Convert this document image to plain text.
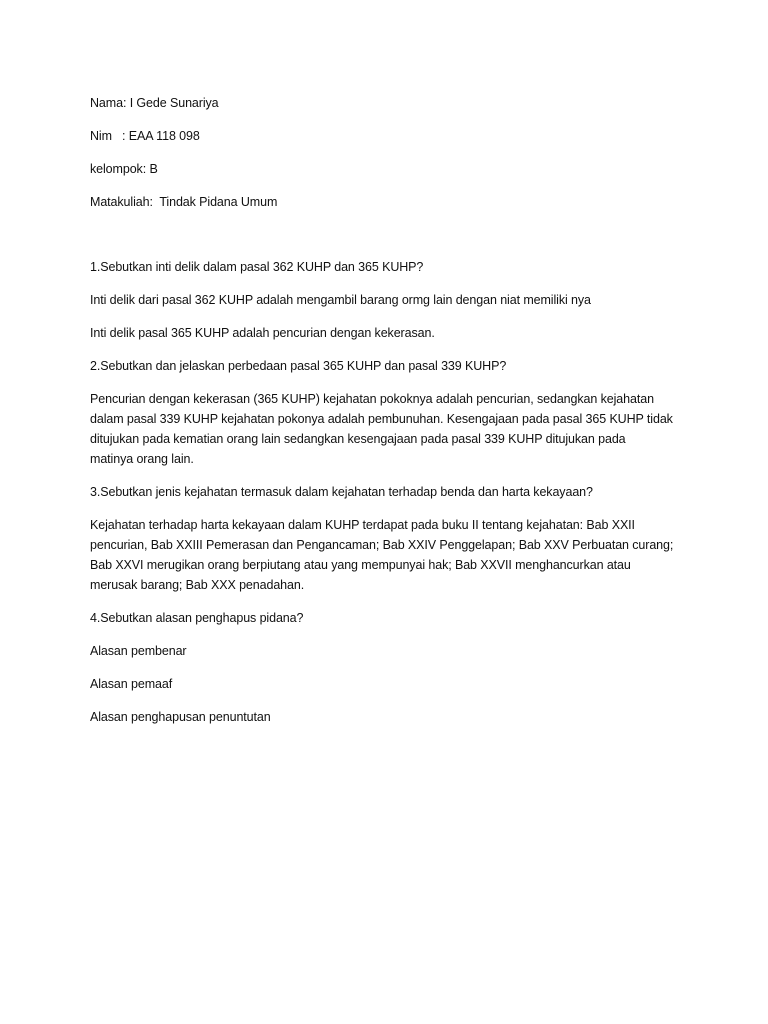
Nama: I Gede Sunariya

Nim   : EAA 118 098

kelompok: B

Matakuliah:  Tindak Pidana Umum

1.Sebutkan inti delik dalam pasal 362 KUHP dan 365 KUHP?

Inti delik dari pasal 362 KUHP adalah mengambil barang ormg lain dengan niat memiliki nya

Inti delik pasal 365 KUHP adalah pencurian dengan kekerasan.

2.Sebutkan dan jelaskan perbedaan pasal 365 KUHP dan pasal 339 KUHP?

Pencurian dengan kekerasan (365 KUHP) kejahatan pokoknya adalah pencurian, sedangkan kejahatan

dalam pasal 339 KUHP kejahatan pokonya adalah pembunuhan. Kesengajaan pada pasal 365 KUHP tidak

ditujukan pada kematian orang lain sedangkan kesengajaan pada pasal 339 KUHP ditujukan pada

matinya orang lain.

3.Sebutkan jenis kejahatan termasuk dalam kejahatan terhadap benda dan harta kekayaan?

Kejahatan terhadap harta kekayaan dalam KUHP terdapat pada buku II tentang kejahatan: Bab XXII

pencurian, Bab XXIII Pemerasan dan Pengancaman; Bab XXIV Penggelapan; Bab XXV Perbuatan curang;

Bab XXVI merugikan orang berpiutang atau yang mempunyai hak; Bab XXVII menghancurkan atau

merusak barang; Bab XXX penadahan.

4.Sebutkan alasan penghapus pidana?

Alasan pembenar

Alasan pemaaf

Alasan penghapusan penuntutan
